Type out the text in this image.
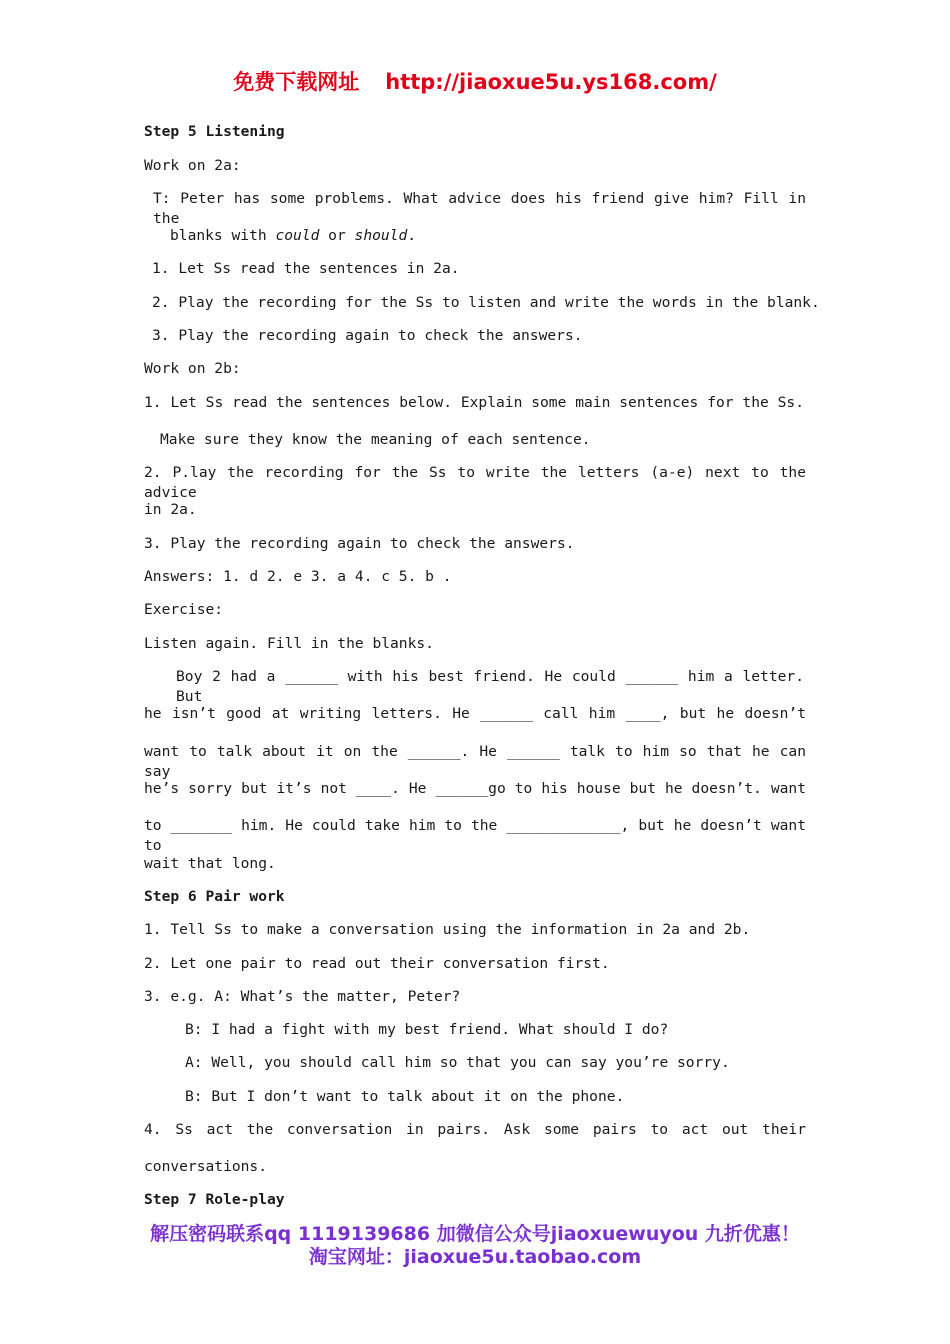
免费下载网址 http://jiaoxue5u.ys168.com/
Step 5 Listening
Work on 2a:
T: Peter has some problems. What advice does his friend give him? Fill in the
blanks with could or should.
1. Let Ss read the sentences in 2a.
2. Play the recording for the Ss to listen and write the words in the blank.
3. Play the recording again to check the answers.
Work on 2b:
1. Let Ss read the sentences below. Explain some main sentences for the Ss.
Make sure they know the meaning of each sentence.
2. P.lay the recording for the Ss to write the letters (a-e) next to the advice
in 2a.
3. Play the recording again to check the answers.
Answers: 1. d 2. e 3. a 4. c 5. b .
Exercise:
Listen again. Fill in the blanks.
Boy 2 had a ______ with his best friend. He could ______ him a letter. But
he isn’t good at writing letters. He ______ call him ____, but he doesn’t
want to talk about it on the ______. He ______ talk to him so that he can say
he’s sorry but it’s not ____. He ______go to his house but he doesn’t. want
to _______ him. He could take him to the _____________, but he doesn’t want to
wait that long.
Step 6 Pair work
1. Tell Ss to make a conversation using the information in 2a and 2b.
2. Let one pair to read out their conversation first.
3. e.g. A: What’s the matter, Peter?
B: I had a fight with my best friend. What should I do?
A: Well, you should call him so that you can say you’re sorry.
B: But I don’t want to talk about it on the phone.
4. Ss act the conversation in pairs. Ask some pairs to act out their
conversations.
Step 7 Role-play
解压密码联系qq 1119139686 加微信公众号jiaoxuewuyou 九折优惠！
淘宝网址：jiaoxue5u.taobao.com
